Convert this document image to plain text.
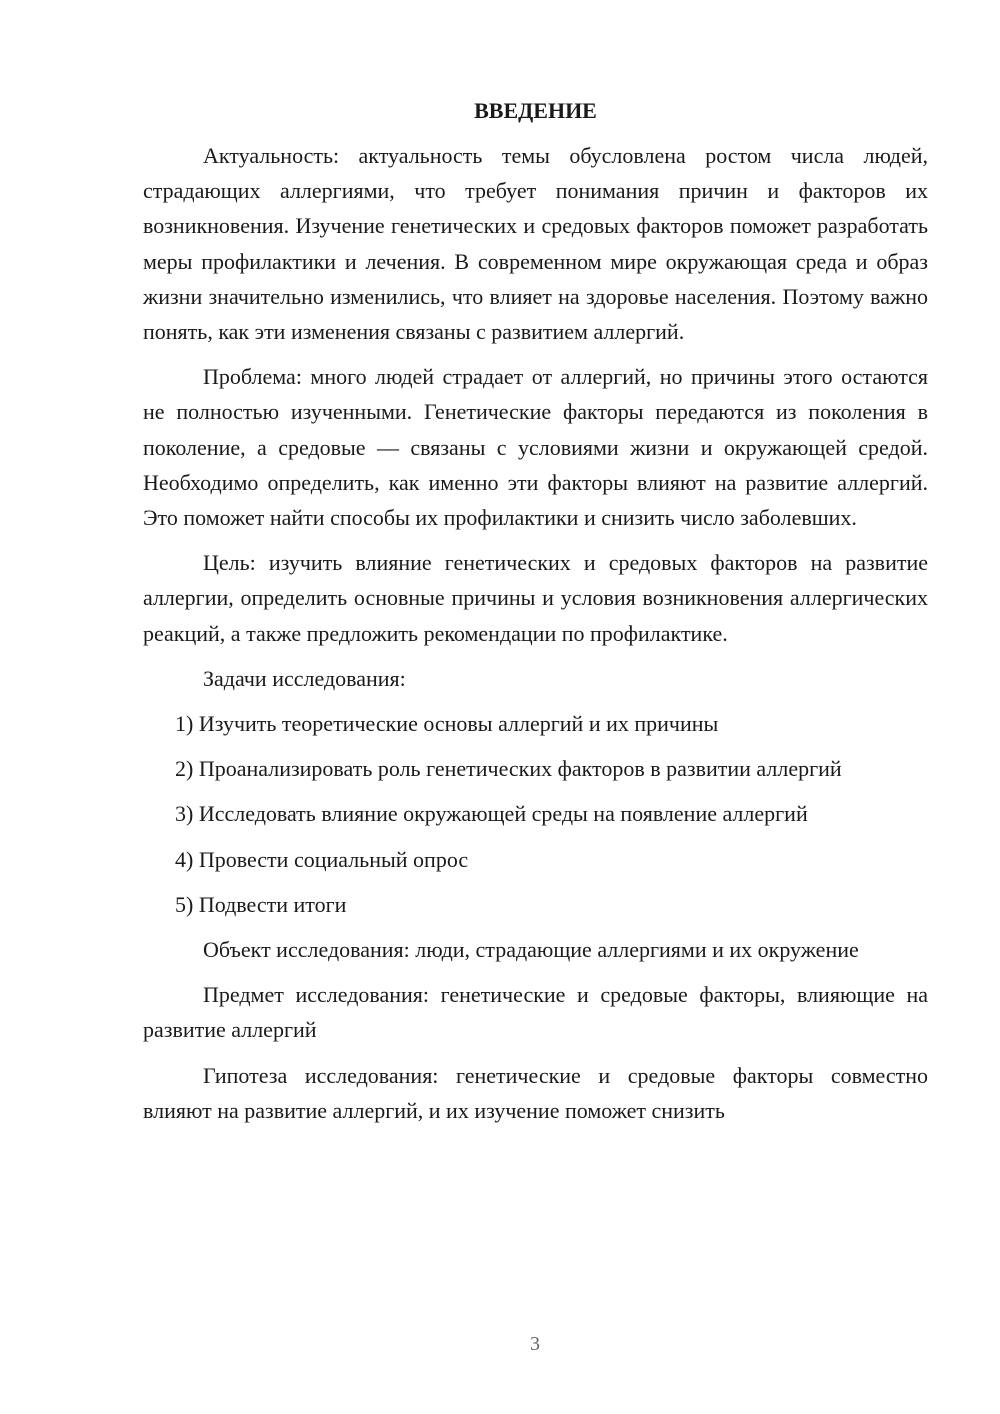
ВВЕДЕНИЕ

Актуальность: актуальность темы обусловлена ростом числа людей, страдающих аллергиями, что требует понимания причин и факторов их возникновения. Изучение генетических и средовых факторов поможет разработать меры профилактики и лечения. В современном мире окружающая среда и образ жизни значительно изменились, что влияет на здоровье населения. Поэтому важно понять, как эти изменения связаны с развитием аллергий.

Проблема: много людей страдает от аллергий, но причины этого остаются не полностью изученными. Генетические факторы передаются из поколения в поколение, а средовые — связаны с условиями жизни и окружающей средой. Необходимо определить, как именно эти факторы влияют на развитие аллергий. Это поможет найти способы их профилактики и снизить число заболевших.

Цель: изучить влияние генетических и средовых факторов на развитие аллергии, определить основные причины и условия возникновения аллергических реакций, а также предложить рекомендации по профилактике.

Задачи исследования:

1) Изучить теоретические основы аллергий и их причины

2) Проанализировать роль генетических факторов в развитии аллергий

3) Исследовать влияние окружающей среды на появление аллергий

4) Провести социальный опрос

5) Подвести итоги

Объект исследования: люди, страдающие аллергиями и их окружение

Предмет исследования: генетические и средовые факторы, влияющие на развитие аллергий

Гипотеза исследования: генетические и средовые факторы совместно влияют на развитие аллергий, и их изучение поможет снизить

3
